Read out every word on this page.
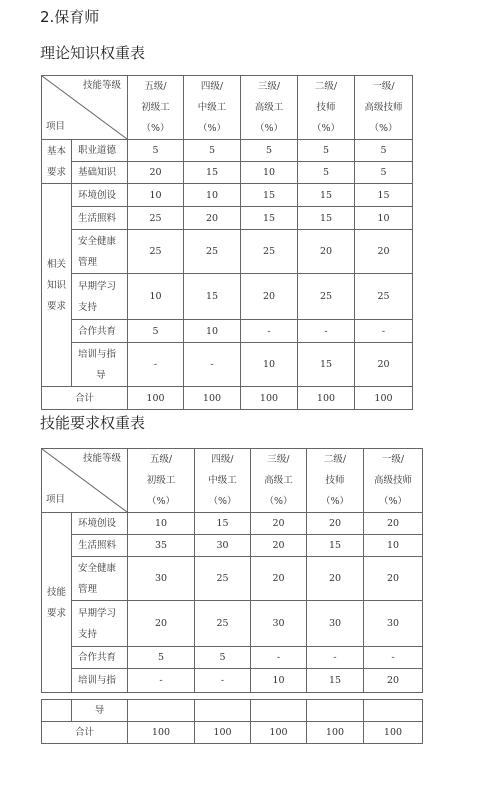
2.保育师
理论知识权重表
技能等级
项目		五级/
初级工
（%）	四级/
中级工
（%）	三级/
高级工
（%）	二级/
技师
（%）	一级/
高级技师
（%）

基本
要求	职业道德	5	5	5	5	5
	基础知识	20	15	10	5	5

相关
知识
要求	环境创设	10	10	15	15	15
	生活照料	25	20	15	15	10

	安全健康
管理	25	25	25	20	20

	早期学习
支持	10	15	20	25	25
	合作共育	5	10	-	-	-

	培训与指
导	-	-	10	15	20
合计		100	100	100	100	100
技能要求权重表
技能等级
项目		五级/
初级工
（%）	四级/
中级工
（%）	三级/
高级工
（%）	二级/
技师
（%）	一级/
高级技师
（%）

技能
要求	环境创设	10	15	20	20	20
	生活照料	35	30	20	15	10

	安全健康
管理	30	25	20	20	20

	早期学习
支持	20	25	30	30	30
	合作共育	5	5	-	-	-
	培训与指	-	-	10	15	20
	导					
合计		100	100	100	100	100
